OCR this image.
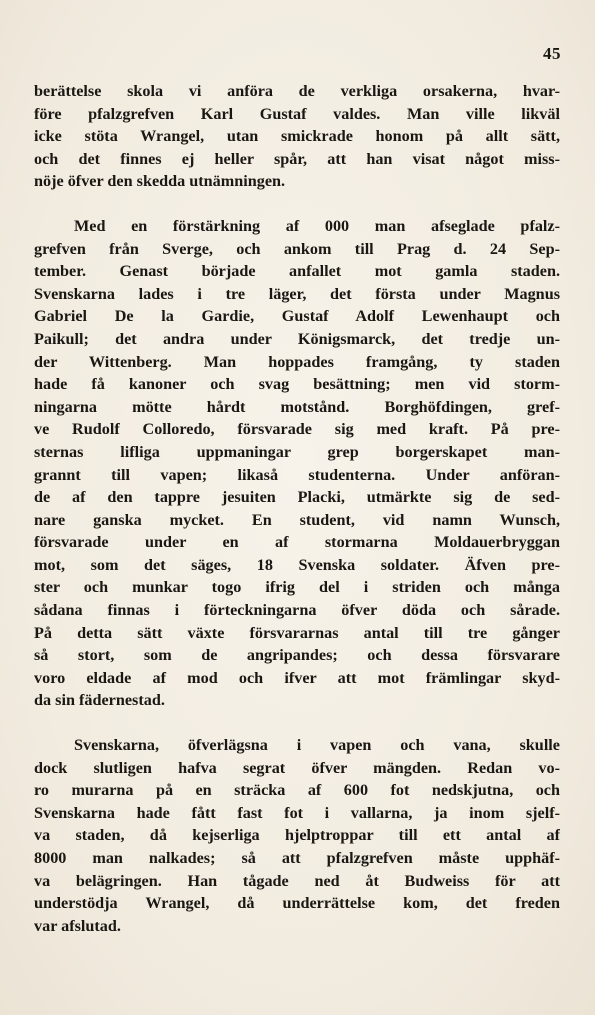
45
berättelse skola vi anföra de verkliga orsakerna, hvar-
före pfalzgrefven Karl Gustaf valdes. Man ville likväl
icke stöta Wrangel, utan smickrade honom på allt sätt,
och det finnes ej heller spår, att han visat något miss-
nöje öfver den skedda utnämningen.
Med en förstärkning af 000 man afseglade pfalz-
grefven från Sverge, och ankom till Prag d. 24 Sep-
tember. Genast började anfallet mot gamla staden.
Svenskarna lades i tre läger, det första under Magnus
Gabriel De la Gardie, Gustaf Adolf Lewenhaupt och
Paikull; det andra under Königsmarck, det tredje un-
der Wittenberg. Man hoppades framgång, ty staden
hade få kanoner och svag besättning; men vid storm-
ningarna mötte hårdt motstånd. Borghöfdingen, gref-
ve Rudolf Colloredo, försvarade sig med kraft. På pre-
sternas lifliga uppmaningar grep borgerskapet man-
grannt till vapen; likaså studenterna. Under anföran-
de af den tappre jesuiten Placki, utmärkte sig de sed-
nare ganska mycket. En student, vid namn Wunsch,
försvarade under en af stormarna Moldauerbryggan
mot, som det säges, 18 Svenska soldater. Äfven pre-
ster och munkar togo ifrig del i striden och många
sådana finnas i förteckningarna öfver döda och sårade.
På detta sätt växte försvararnas antal till tre gånger
så stort, som de angripandes; och dessa försvarare
voro eldade af mod och ifver att mot främlingar skyd-
da sin fädernestad.
Svenskarna, öfverlägsna i vapen och vana, skulle
dock slutligen hafva segrat öfver mängden. Redan vo-
ro murarna på en sträcka af 600 fot nedskjutna, och
Svenskarna hade fått fast fot i vallarna, ja inom sjelf-
va staden, då kejserliga hjelptroppar till ett antal af
8000 man nalkades; så att pfalzgrefven måste upphäf-
va belägringen. Han tågade ned åt Budweiss för att
understödja Wrangel, då underrättelse kom, det freden
var afslutad.
